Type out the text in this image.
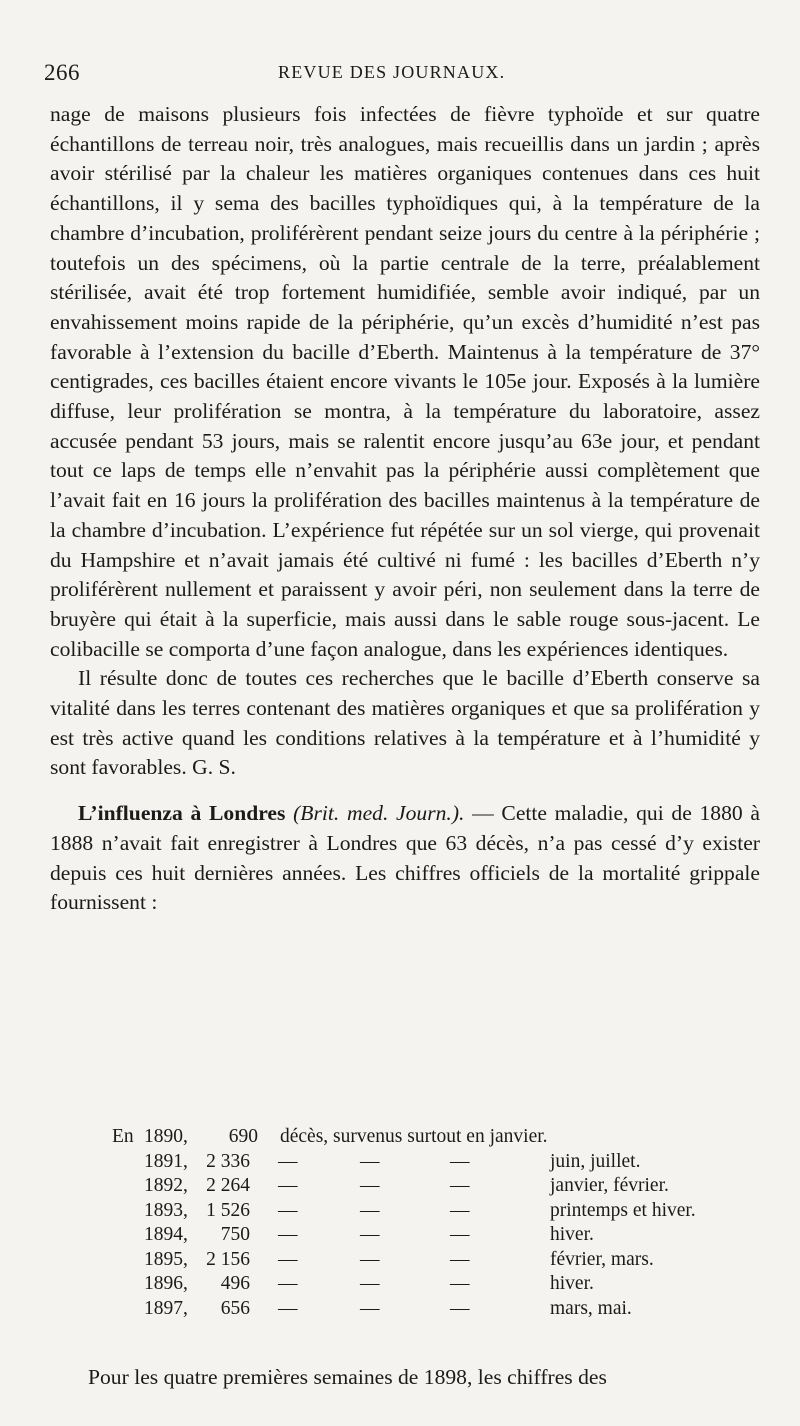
266	REVUE DES JOURNAUX.

nage de maisons plusieurs fois infectées de fièvre typhoïde et sur quatre échantillons de terreau noir, très analogues, mais recueillis dans un jardin ; après avoir stérilisé par la chaleur les matières organiques contenues dans ces huit échantillons, il y sema des bacilles typhoïdiques qui, à la température de la chambre d’incubation, proliférèrent pendant seize jours du centre à la périphérie ; toutefois un des spécimens, où la partie centrale de la terre, préalablement stérilisée, avait été trop fortement humidifiée, semble avoir indiqué, par un envahissement moins rapide de la périphérie, qu’un excès d’humidité n’est pas favorable à l’extension du bacille d’Eberth. Maintenus à la température de 37° centigrades, ces bacilles étaient encore vivants le 105e jour. Exposés à la lumière diffuse, leur prolifération se montra, à la température du laboratoire, assez accusée pendant 53 jours, mais se ralentit encore jusqu’au 63e jour, et pendant tout ce laps de temps elle n’envahit pas la périphérie aussi complètement que l’avait fait en 16 jours la prolifération des bacilles maintenus à la température de la chambre d’incubation. L’expérience fut répétée sur un sol vierge, qui provenait du Hampshire et n’avait jamais été cultivé ni fumé : les bacilles d’Eberth n’y proliférèrent nullement et paraissent y avoir péri, non seulement dans la terre de bruyère qui était à la superficie, mais aussi dans le sable rouge sous-jacent. Le colibacille se comporta d’une façon analogue, dans les expériences identiques.

Il résulte donc de toutes ces recherches que le bacille d’Eberth conserve sa vitalité dans les terres contenant des matières organiques et que sa prolifération y est très active quand les conditions relatives à la température et à l’humidité y sont favorables. G. S.

L’influenza à Londres (Brit. med. Journ.). — Cette maladie, qui de 1880 à 1888 n’avait fait enregistrer à Londres que 63 décès, n’a pas cessé d’y exister depuis ces huit dernières années. Les chiffres officiels de la mortalité grippale fournissent :

En 1890,	690 décès, survenus surtout en janvier.
1891, 2 336 —	—	—	juin, juillet.
1892, 2 264 —	—	—	janvier, février.
1893, 1 526 —	—	—	printemps et hiver.
1894,	750 —	—	—	hiver.
1895, 2 156 —	—	—	février, mars.
1896,	496 —	—	—	hiver.
1897,	656 —	—	—	mars, mai.

Pour les quatre premières semaines de 1898, les chiffres des
